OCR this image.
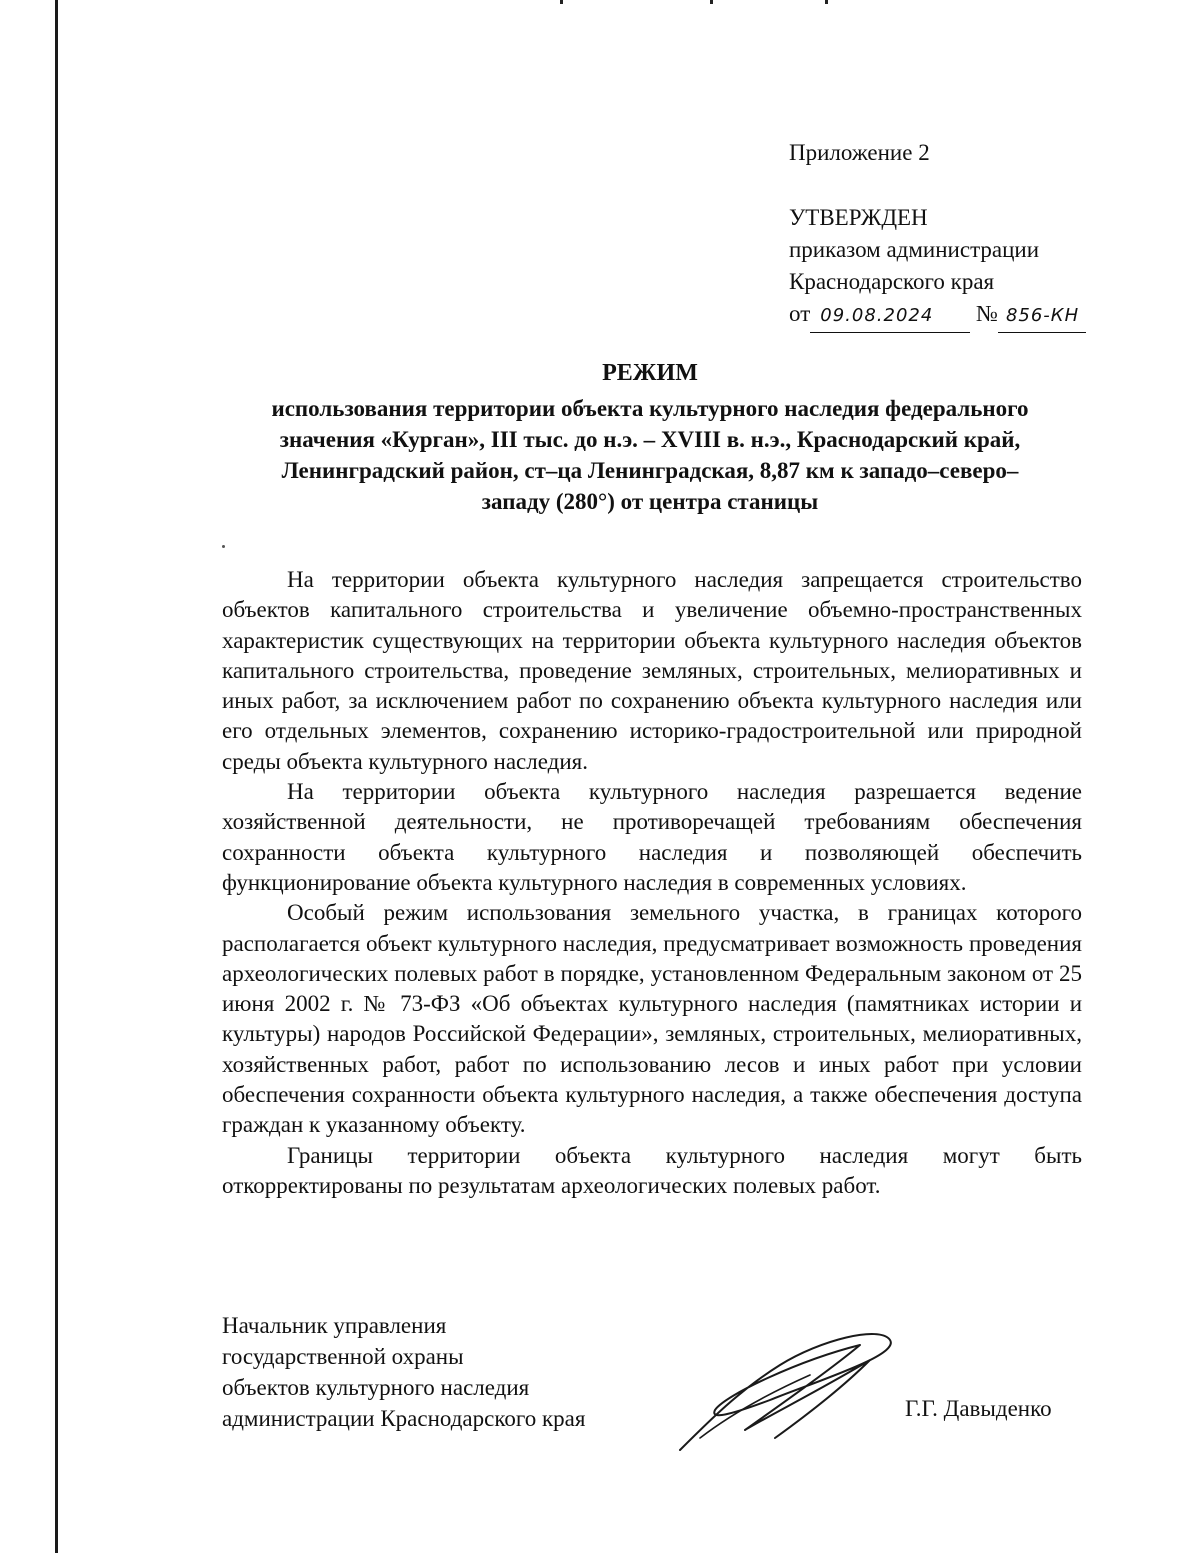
Приложение 2
УТВЕРЖДЕН
приказом администрации
Краснодарского края
от 09.08.2024 № 856-КН
РЕЖИМ
использования территории объекта культурного наследия федерального
значения «Курган», III тыс. до н.э. – XVIII в. н.э., Краснодарский край,
Ленинградский район, ст–ца Ленинградская, 8,87 км к западо–северо–
западу (280°) от центра станицы

На территории объекта культурного наследия запрещается строительство объектов капитального строительства и увеличение объемно-пространственных характеристик существующих на территории объекта культурного наследия объектов капитального строительства, проведение земляных, строительных, мелиоративных и иных работ, за исключением работ по сохранению объекта культурного наследия или его отдельных элементов, сохранению историко-градостроительной или природной среды объекта культурного наследия.

На территории объекта культурного наследия разрешается ведение хозяйственной деятельности, не противоречащей требованиям обеспечения сохранности объекта культурного наследия и позволяющей обеспечить функционирование объекта культурного наследия в современных условиях.

Особый режим использования земельного участка, в границах которого располагается объект культурного наследия, предусматривает возможность проведения археологических полевых работ в порядке, установленном Федеральным законом от 25 июня 2002 г. № 73-ФЗ «Об объектах культурного наследия (памятниках истории и культуры) народов Российской Федерации», земляных, строительных, мелиоративных, хозяйственных работ, работ по использованию лесов и иных работ при условии обеспечения сохранности объекта культурного наследия, а также обеспечения доступа граждан к указанному объекту.

Границы территории объекта культурного наследия могут быть откорректированы по результатам археологических полевых работ.

Начальник управления
государственной охраны
объектов культурного наследия
администрации Краснодарского края	Г.Г. Давыденко
